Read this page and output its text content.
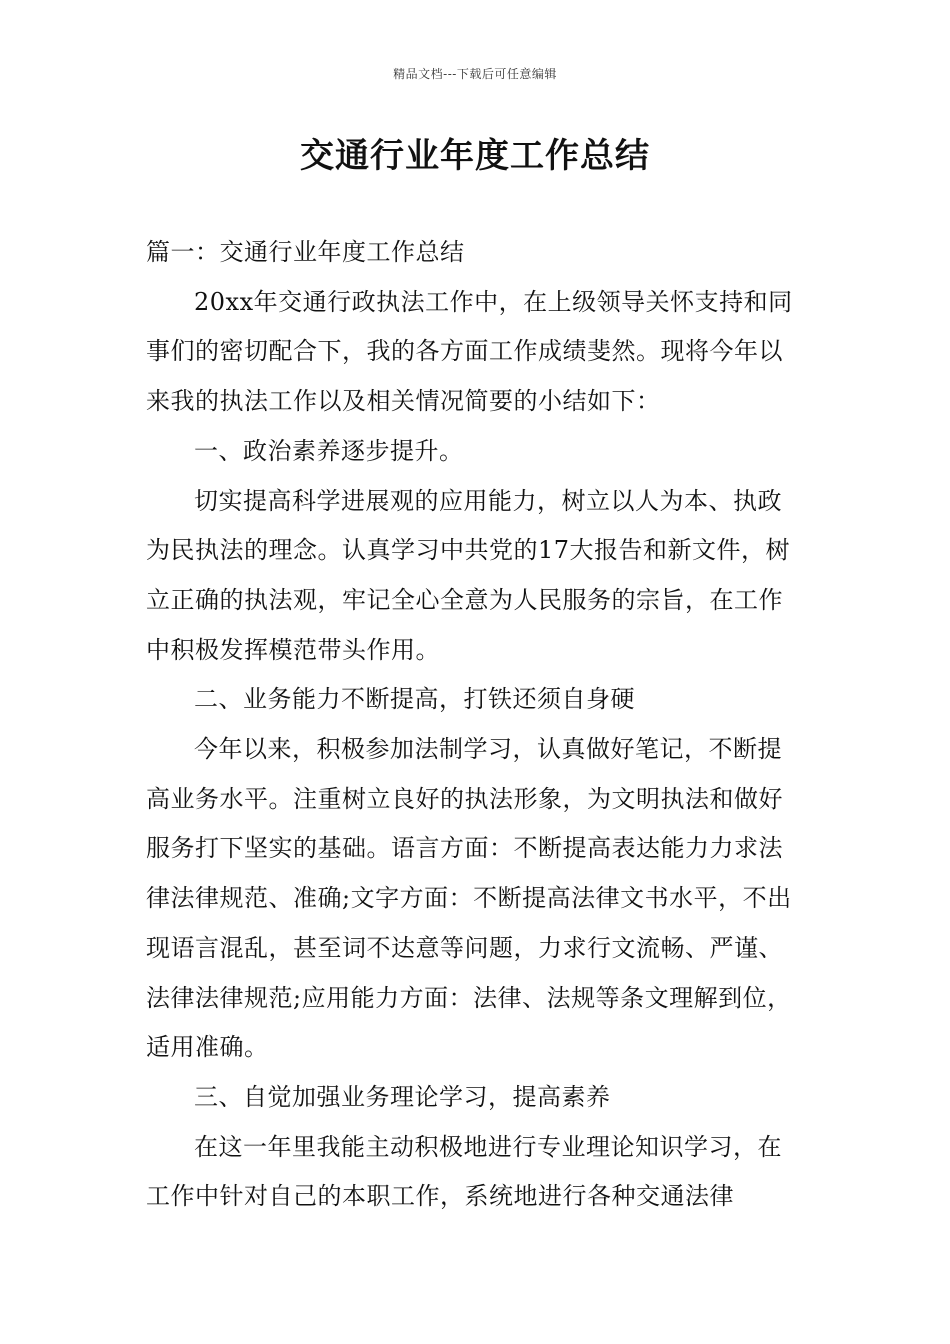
精品文档---下载后可任意编辑
交通行业年度工作总结

篇一：交通行业年度工作总结

20xx年交通行政执法工作中，在上级领导关怀支持和同事们的密切配合下，我的各方面工作成绩斐然。现将今年以来我的执法工作以及相关情况简要的小结如下：

一、政治素养逐步提升。

切实提高科学进展观的应用能力，树立以人为本、执政为民执法的理念。认真学习中共党的17大报告和新文件，树立正确的执法观，牢记全心全意为人民服务的宗旨，在工作中积极发挥模范带头作用。

二、业务能力不断提高，打铁还须自身硬

今年以来，积极参加法制学习，认真做好笔记，不断提高业务水平。注重树立良好的执法形象，为文明执法和做好服务打下坚实的基础。语言方面：不断提高表达能力力求法律法律规范、准确;文字方面：不断提高法律文书水平，不出现语言混乱，甚至词不达意等问题，力求行文流畅、严谨、法律法律规范;应用能力方面：法律、法规等条文理解到位，适用准确。

三、自觉加强业务理论学习，提高素养

在这一年里我能主动积极地进行专业理论知识学习，在工作中针对自己的本职工作，系统地进行各种交通法律
